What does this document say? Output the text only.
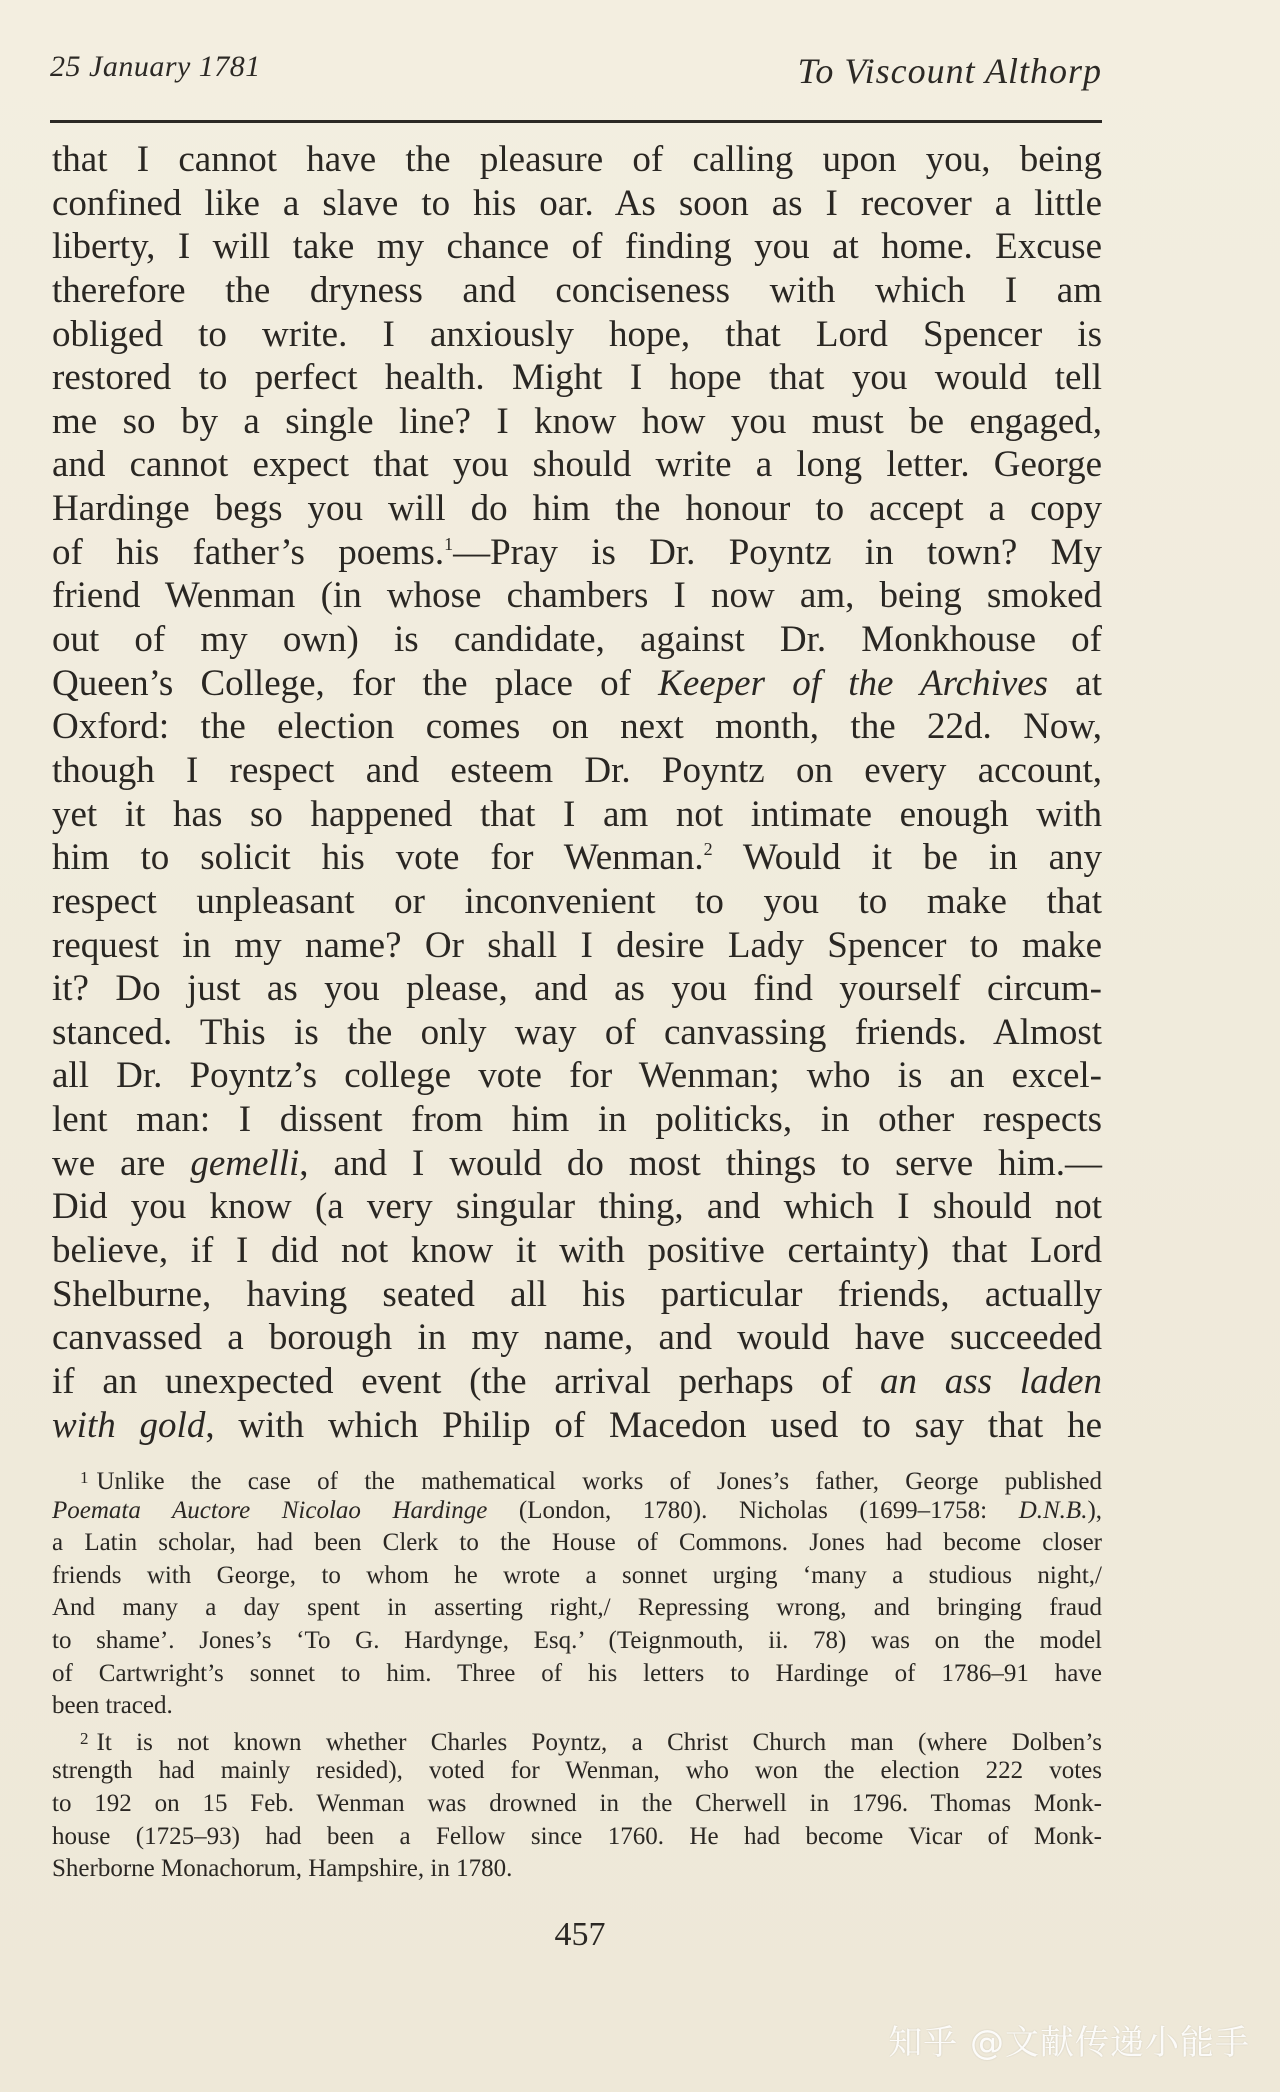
25 January 1781	To Viscount Althorp
that I cannot have the pleasure of calling upon you, being
confined like a slave to his oar. As soon as I recover a little
liberty, I will take my chance of finding you at home. Excuse
therefore the dryness and conciseness with which I am
obliged to write. I anxiously hope, that Lord Spencer is
restored to perfect health. Might I hope that you would tell
me so by a single line? I know how you must be engaged,
and cannot expect that you should write a long letter. George
Hardinge begs you will do him the honour to accept a copy
of his father’s poems.$^1$—Pray is Dr. Poyntz in town? My
friend Wenman (in whose chambers I now am, being smoked
out of my own) is candidate, against Dr. Monkhouse of
Queen’s College, for the place of Keeper of the Archives at
Oxford: the election comes on next month, the 22d. Now,
though I respect and esteem Dr. Poyntz on every account,
yet it has so happened that I am not intimate enough with
him to solicit his vote for Wenman.$^2$ Would it be in any
respect unpleasant or inconvenient to you to make that
request in my name? Or shall I desire Lady Spencer to make
it? Do just as you please, and as you find yourself circum-
stanced. This is the only way of canvassing friends. Almost
all Dr. Poyntz’s college vote for Wenman; who is an excel-
lent man: I dissent from him in politicks, in other respects
we are gemelli, and I would do most things to serve him.—
Did you know (a very singular thing, and which I should not
believe, if I did not know it with positive certainty) that Lord
Shelburne, having seated all his particular friends, actually
canvassed a borough in my name, and would have succeeded
if an unexpected event (the arrival perhaps of an ass laden
with gold, with which Philip of Macedon used to say that he
$^1$ Unlike the case of the mathematical works of Jones’s father, George published
Poemata Auctore Nicolao Hardinge (London, 1780). Nicholas (1699–1758: D.N.B.),
a Latin scholar, had been Clerk to the House of Commons. Jones had become closer
friends with George, to whom he wrote a sonnet urging ‘many a studious night,/
And many a day spent in asserting right,/ Repressing wrong, and bringing fraud
to shame’. Jones’s ‘To G. Hardynge, Esq.’ (Teignmouth, ii. 78) was on the model
of Cartwright’s sonnet to him. Three of his letters to Hardinge of 1786–91 have
been traced.
$^2$ It is not known whether Charles Poyntz, a Christ Church man (where Dolben’s
strength had mainly resided), voted for Wenman, who won the election 222 votes
to 192 on 15 Feb. Wenman was drowned in the Cherwell in 1796. Thomas Monk-
house (1725–93) had been a Fellow since 1760. He had become Vicar of Monk-
Sherborne Monachorum, Hampshire, in 1780.
457
知乎 @文献传递小能手
